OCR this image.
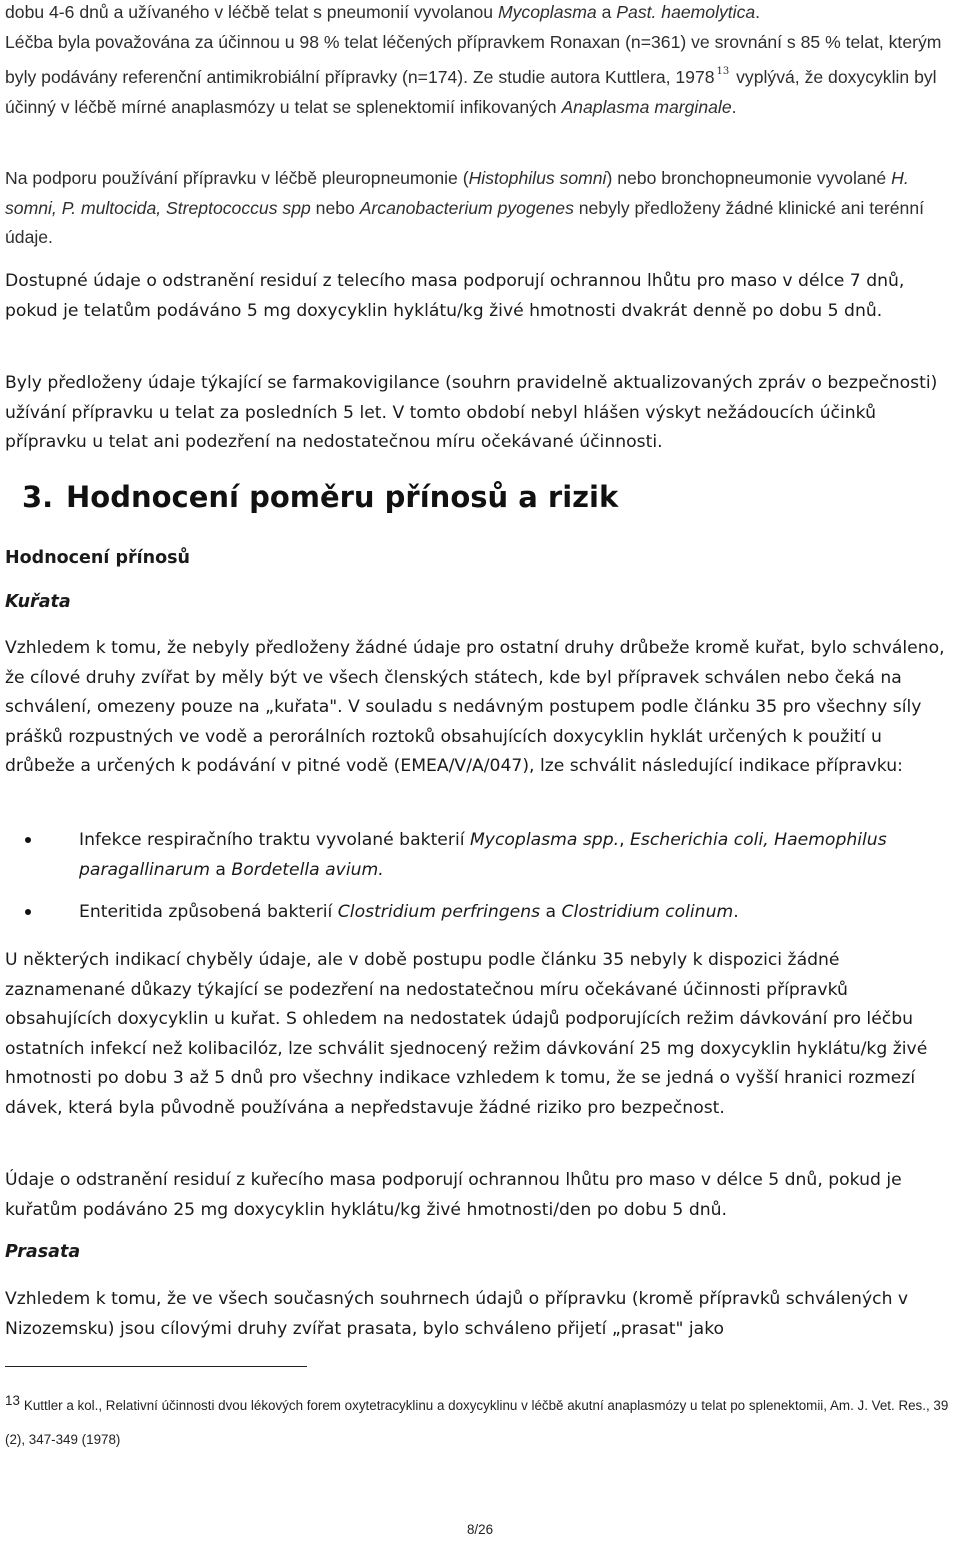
dobu 4-6 dnů a užívaného v léčbě telat s pneumonií vyvolanou Mycoplasma a Past. haemolytica.
Léčba byla považována za účinnou u 98 % telat léčených přípravkem Ronaxan (n=361) ve srovnání s 85 % telat, kterým byly podávány referenční antimikrobiální přípravky (n=174). Ze studie autora Kuttlera, 1978 $^{13}$ vyplývá, že doxycyklin byl účinný v léčbě mírné anaplasmózy u telat se splenektomií infikovaných Anaplasma marginale.

Na podporu používání přípravku v léčbě pleuropneumonie (Histophilus somni) nebo bronchopneumonie vyvolané H. somni, P. multocida, Streptococcus spp nebo Arcanobacterium pyogenes nebyly předloženy žádné klinické ani terénní údaje.

Dostupné údaje o odstranění residuí z telecího masa podporují ochrannou lhůtu pro maso v délce 7 dnů, pokud je telatům podáváno 5 mg doxycyklin hyklátu/kg živé hmotnosti dvakrát denně po dobu 5 dnů.

Byly předloženy údaje týkající se farmakovigilance (souhrn pravidelně aktualizovaných zpráv o bezpečnosti) užívání přípravku u telat za posledních 5 let. V tomto období nebyl hlášen výskyt nežádoucích účinků přípravku u telat ani podezření na nedostatečnou míru očekávané účinnosti.

3. Hodnocení poměru přínosů a rizik
Hodnocení přínosů
Kuřata

Vzhledem k tomu, že nebyly předloženy žádné údaje pro ostatní druhy drůbeže kromě kuřat, bylo schváleno, že cílové druhy zvířat by měly být ve všech členských státech, kde byl přípravek schválen nebo čeká na schválení, omezeny pouze na „kuřata". V souladu s nedávným postupem podle článku 35 pro všechny síly prášků rozpustných ve vodě a perorálních roztoků obsahujících doxycyklin hyklát určených k použití u drůbeže a určených k podávání v pitné vodě (EMEA/V/A/047), lze schválit následující indikace přípravku:

Infekce respiračního traktu vyvolané bakterií Mycoplasma spp., Escherichia coli, Haemophilus paragallinarum a Bordetella avium.
Enteritida způsobená bakterií Clostridium perfringens a Clostridium colinum.

U některých indikací chyběly údaje, ale v době postupu podle článku 35 nebyly k dispozici žádné zaznamenané důkazy týkající se podezření na nedostatečnou míru očekávané účinnosti přípravků obsahujících doxycyklin u kuřat. S ohledem na nedostatek údajů podporujících režim dávkování pro léčbu ostatních infekcí než kolibacilóz, lze schválit sjednocený režim dávkování 25 mg doxycyklin hyklátu/kg živé hmotnosti po dobu 3 až 5 dnů pro všechny indikace vzhledem k tomu, že se jedná o vyšší hranici rozmezí dávek, která byla původně používána a nepředstavuje žádné riziko pro bezpečnost.

Údaje o odstranění residuí z kuřecího masa podporují ochrannou lhůtu pro maso v délce 5 dnů, pokud je kuřatům podáváno 25 mg doxycyklin hyklátu/kg živé hmotnosti/den po dobu 5 dnů.

Prasata

Vzhledem k tomu, že ve všech současných souhrnech údajů o přípravku (kromě přípravků schválených v Nizozemsku) jsou cílovými druhy zvířat prasata, bylo schváleno přijetí „prasat" jako

13 Kuttler a kol., Relativní účinnosti dvou lékových forem oxytetracyklinu a doxycyklinu v léčbě akutní anaplasmózy u telat po splenektomii, Am. J. Vet. Res., 39 (2), 347-349 (1978)

8/26
